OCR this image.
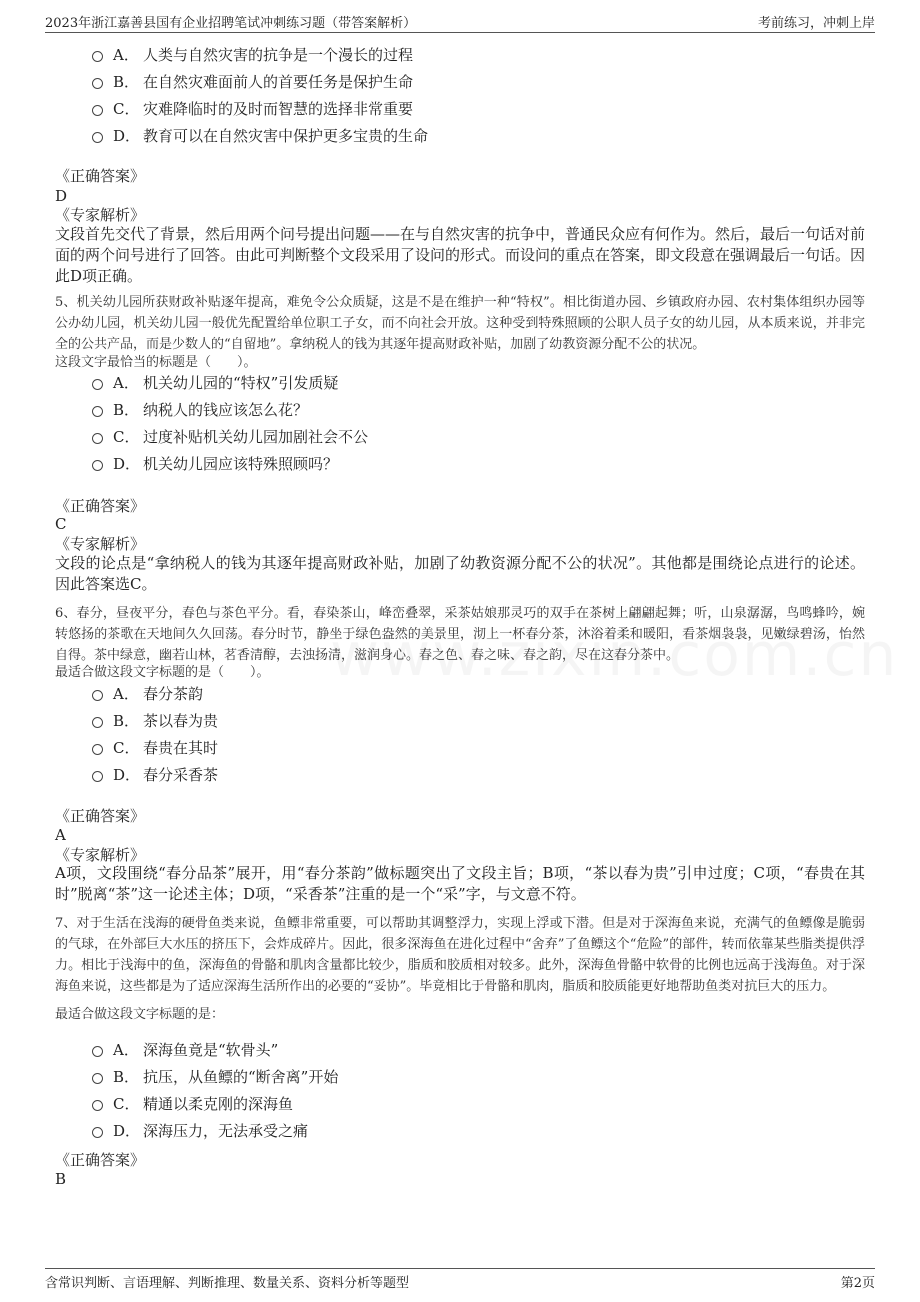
2023年浙江嘉善县国有企业招聘笔试冲刺练习题（带答案解析）	考前练习，冲刺上岸
A． 人类与自然灾害的抗争是一个漫长的过程
B． 在自然灾难面前人的首要任务是保护生命
C． 灾难降临时的及时而智慧的选择非常重要
D． 教育可以在自然灾害中保护更多宝贵的生命
《正确答案》
D
《专家解析》
文段首先交代了背景，然后用两个问号提出问题——在与自然灾害的抗争中，普通民众应有何作为。然后，最后一句话对前面的两个问号进行了回答。由此可判断整个文段采用了设问的形式。而设问的重点在答案，即文段意在强调最后一句话。因此D项正确。
5、机关幼儿园所获财政补贴逐年提高，难免令公众质疑，这是不是在维护一种“特权”。相比街道办园、乡镇政府办园、农村集体组织办园等公办幼儿园，机关幼儿园一般优先配置给单位职工子女，而不向社会开放。这种受到特殊照顾的公职人员子女的幼儿园，从本质来说，并非完全的公共产品，而是少数人的“自留地”。拿纳税人的钱为其逐年提高财政补贴，加剧了幼教资源分配不公的状况。
这段文字最恰当的标题是（　　）。
A． 机关幼儿园的“特权”引发质疑
B． 纳税人的钱应该怎么花？
C． 过度补贴机关幼儿园加剧社会不公
D． 机关幼儿园应该特殊照顾吗？
《正确答案》
C
《专家解析》
文段的论点是“拿纳税人的钱为其逐年提高财政补贴，加剧了幼教资源分配不公的状况”。其他都是围绕论点进行的论述。因此答案选C。
6、春分，昼夜平分，春色与茶色平分。看，春染茶山，峰峦叠翠，采茶姑娘那灵巧的双手在茶树上翩翩起舞；听，山泉潺潺，鸟鸣蜂吟，婉转悠扬的茶歌在天地间久久回荡。春分时节，静坐于绿色盎然的美景里，沏上一杯春分茶，沐浴着柔和暖阳，看茶烟袅袅，见嫩绿碧汤，怡然自得。茶中绿意，幽若山林，茗香清醇，去浊扬清，滋润身心。春之色、春之味、春之韵，尽在这春分茶中。
最适合做这段文字标题的是（　　）。
A． 春分茶韵
B． 茶以春为贵
C． 春贵在其时
D． 春分采香茶
《正确答案》
A
《专家解析》
A项，文段围绕“春分品茶”展开，用“春分茶韵”做标题突出了文段主旨；B项，“茶以春为贵”引申过度；C项，“春贵在其时”脱离“茶”这一论述主体；D项，“采香茶”注重的是一个“采”字，与文意不符。
7、对于生活在浅海的硬骨鱼类来说，鱼鳔非常重要，可以帮助其调整浮力，实现上浮或下潜。但是对于深海鱼来说，充满气的鱼鳔像是脆弱的气球，在外部巨大水压的挤压下，会炸成碎片。因此，很多深海鱼在进化过程中“舍弃”了鱼鳔这个“危险”的部件，转而依靠某些脂类提供浮力。相比于浅海中的鱼，深海鱼的骨骼和肌肉含量都比较少，脂质和胶质相对较多。此外，深海鱼骨骼中软骨的比例也远高于浅海鱼。对于深海鱼来说，这些都是为了适应深海生活所作出的必要的“妥协”。毕竟相比于骨骼和肌肉，脂质和胶质能更好地帮助鱼类对抗巨大的压力。
最适合做这段文字标题的是：
A． 深海鱼竟是“软骨头”
B． 抗压，从鱼鳔的“断舍离”开始
C． 精通以柔克刚的深海鱼
D． 深海压力，无法承受之痛
《正确答案》
B
含常识判断、言语理解、判断推理、数量关系、资料分析等题型	第2页
